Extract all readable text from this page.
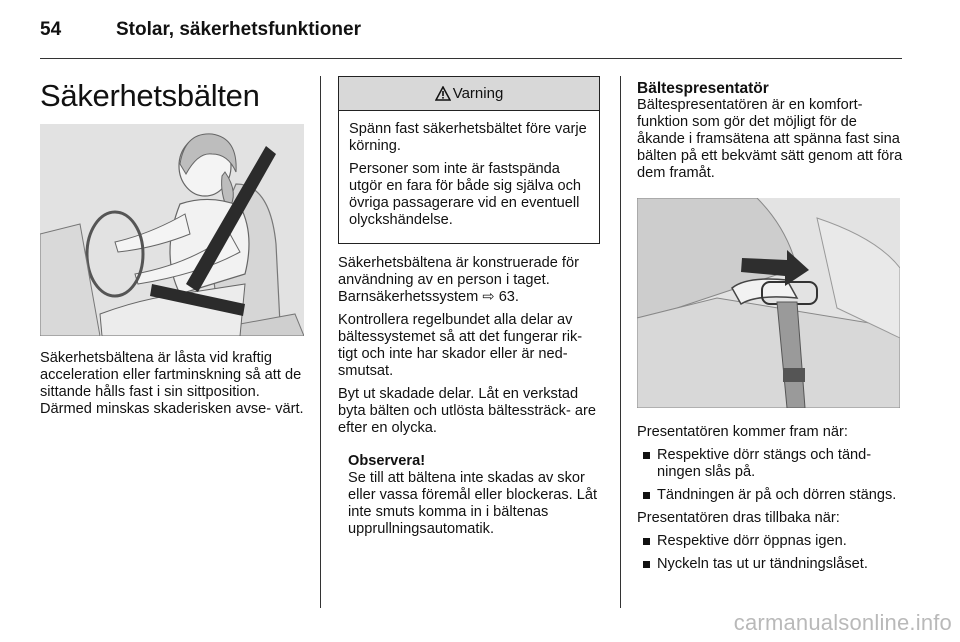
54	Stolar, säkerhetsfunktioner
Säkerhetsbälten

Säkerhetsbältena är låsta vid kraftig acceleration eller fartminskning så att de sittande hålls fast i sin sittposition. Därmed minskas skaderisken avse- värt.

Varning

Spänn fast säkerhetsbältet före varje körning.

Personer som inte är fastspända utgör en fara för både sig själva och övriga passagerare vid en eventuell olyckshändelse.

Säkerhetsbältena är konstruerade för användning av en person i taget. Barnsäkerhetssystem ⇨ 63.

Kontrollera regelbundet alla delar av bältessystemet så att det fungerar rik- tigt och inte har skador eller är ned- smutsat.

Byt ut skadade delar. Låt en verkstad byta bälten och utlösta bältessträck- are efter en olycka.

Observera!

Se till att bältena inte skadas av skor eller vassa föremål eller blockeras. Låt inte smuts komma in i bältenas upprullningsautomatik.

Bältespresentatör

Bältespresentatören är en komfort- funktion som gör det möjligt för de åkande i framsätena att spänna fast sina bälten på ett bekvämt sätt genom att föra dem framåt.

Presentatören kommer fram när:

Respektive dörr stängs och tänd- ningen slås på.

Tändningen är på och dörren stängs.

Presentatören dras tillbaka när:

Respektive dörr öppnas igen.

Nyckeln tas ut ur tändningslåset.

carmanualsonline.info
